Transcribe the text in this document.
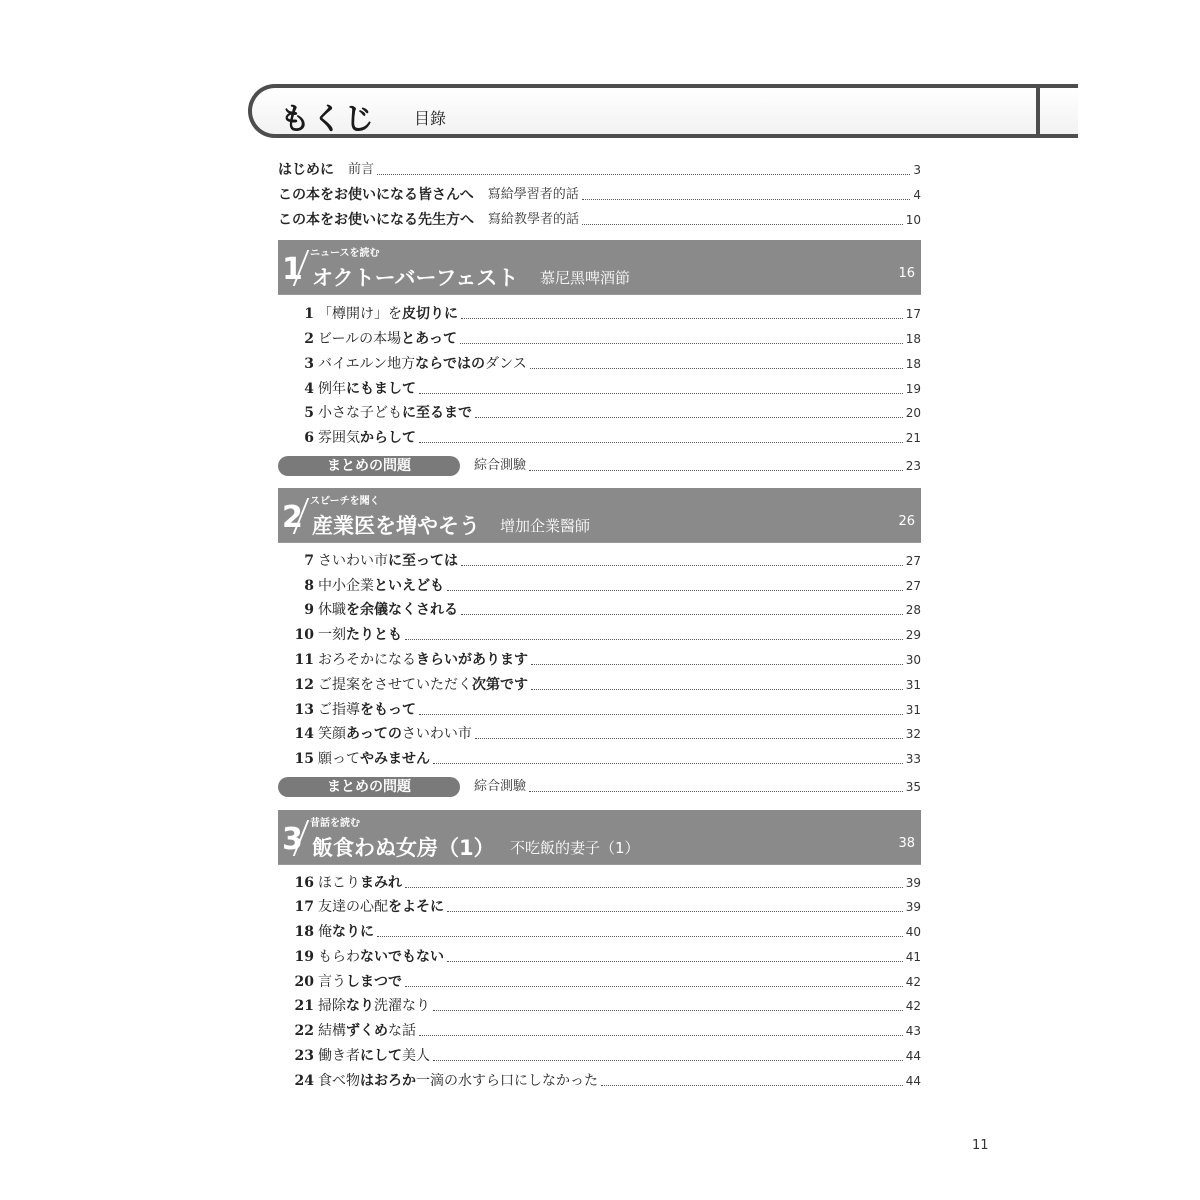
もくじ 目錄
はじめに 前言	3
この本をお使いになる皆さんへ 寫給學習者的話	4
この本をお使いになる先生方へ 寫給教學者的話	10
1 ニュースを読む
オクトーバーフェスト 慕尼黑啤酒節	16
1 「樽開け」を皮切りに	17
2 ビールの本場とあって	18
3 バイエルン地方ならではのダンス	18
4 例年にもまして	19
5 小さな子どもに至るまで	20
6 雰囲気からして	21
まとめの問題	綜合測驗	23
2 スピーチを聞く
産業医を増やそう 增加企業醫師	26
7 さいわい市に至っては	27
8 中小企業といえども	27
9 休職を余儀なくされる	28
10 一刻たりとも	29
11 おろそかになるきらいがあります	30
12 ご提案をさせていただく次第です	31
13 ご指導をもって	31
14 笑顔あってのさいわい市	32
15 願ってやみません	33
まとめの問題	綜合測驗	35
3 昔話を読む
飯食わぬ女房（1） 不吃飯的妻子（1）	38
16 ほこりまみれ	39
17 友達の心配をよそに	39
18 俺なりに	40
19 もらわないでもない	41
20 言うしまつで	42
21 掃除なり洗濯なり	42
22 結構ずくめな話	43
23 働き者にして美人	44
24 食べ物はおろか一滴の水すら口にしなかった	44
11
